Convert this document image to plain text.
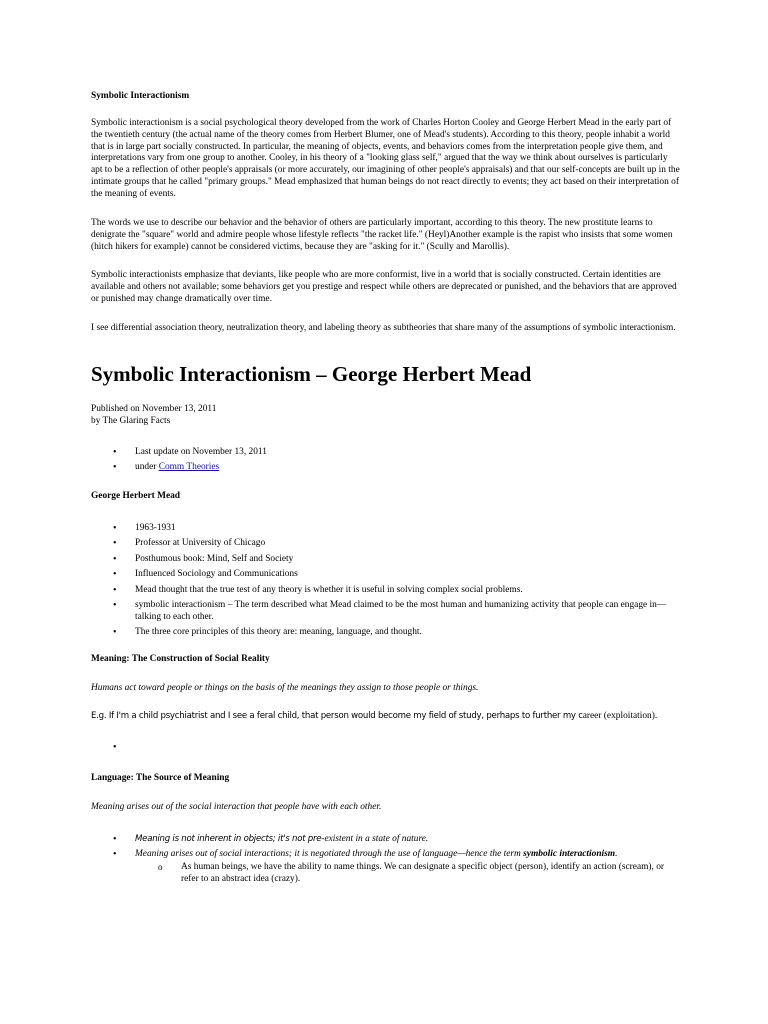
Symbolic Interactionism

Symbolic interactionism is a social psychological theory developed from the work of Charles Horton Cooley and George Herbert Mead in the early part of the twentieth century (the actual name of the theory comes from Herbert Blumer, one of Mead's students). According to this theory, people inhabit a world that is in large part socially constructed. In particular, the meaning of objects, events, and behaviors comes from the interpretation people give them, and interpretations vary from one group to another. Cooley, in his theory of a "looking glass self," argued that the way we think about ourselves is particularly apt to be a reflection of other people's appraisals (or more accurately, our imagining of other people's appraisals) and that our self-concepts are built up in the intimate groups that he called "primary groups." Mead emphasized that human beings do not react directly to events; they act based on their interpretation of the meaning of events.

The words we use to describe our behavior and the behavior of others are particularly important, according to this theory. The new prostitute learns to denigrate the "square" world and admire people whose lifestyle reflects "the racket life." (Heyl)Another example is the rapist who insists that some women (hitch hikers for example) cannot be considered victims, because they are "asking for it." (Scully and Marollis).

Symbolic interactionists emphasize that deviants, like people who are more conformist, live in a world that is socially constructed. Certain identities are available and others not available; some behaviors get you prestige and respect while others are deprecated or punished, and the behaviors that are approved or punished may change dramatically over time.

I see differential association theory, neutralization theory, and labeling theory as subtheories that share many of the assumptions of symbolic interactionism.

Symbolic Interactionism – George Herbert Mead
Published on November 13, 2011
by The Glaring Facts
• Last update on November 13, 2011
• under Comm Theories
George Herbert Mead
• 1963-1931
• Professor at University of Chicago
• Posthumous book: Mind, Self and Society
• Influenced Sociology and Communications
• Mead thought that the true test of any theory is whether it is useful in solving complex social problems.
• symbolic interactionism – The term described what Mead claimed to be the most human and humanizing activity that people can engage in—talking to each other.
• The three core principles of this theory are: meaning, language, and thought.
Meaning: The Construction of Social Reality
Humans act toward people or things on the basis of the meanings they assign to those people or things.
E.g. If I'm a child psychiatrist and I see a feral child, that person would become my field of study, perhaps to further my career (exploitation).
•

Language: The Source of Meaning
Meaning arises out of the social interaction that people have with each other.
• Meaning is not inherent in objects; it's not pre-existent in a state of nature.
• Meaning arises out of social interactions; it is negotiated through the use of language—hence the term symbolic interactionism.
o As human beings, we have the ability to name things. We can designate a specific object (person), identify an action (scream), or refer to an abstract idea (crazy).
